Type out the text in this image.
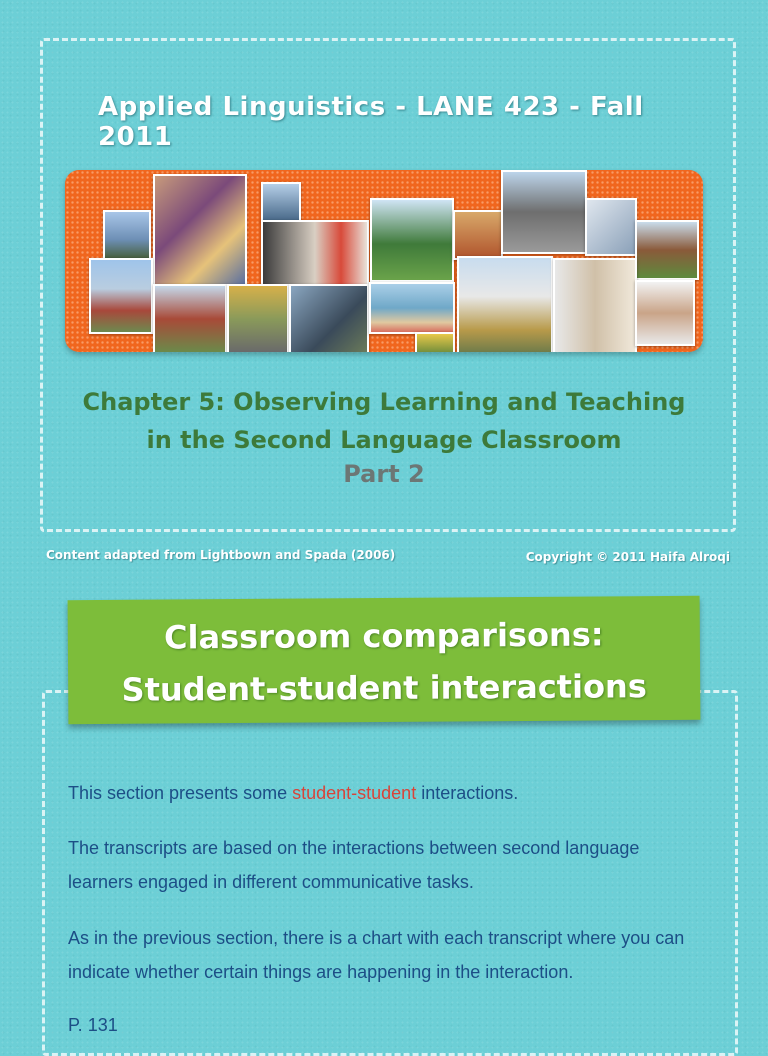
Applied Linguistics - LANE 423 - Fall 2011
Chapter 5: Observing Learning and Teaching
in the Second Language Classroom
Part 2
Content adapted from Lightbown and Spada (2006)	Copyright © 2011 Haifa Alroqi
Classroom comparisons:
Student-student interactions
This section presents some student-student interactions.
The transcripts are based on the interactions between second language learners engaged in different communicative tasks.
As in the previous section, there is a chart with each transcript where you can indicate whether certain things are happening in the interaction.
P. 131
